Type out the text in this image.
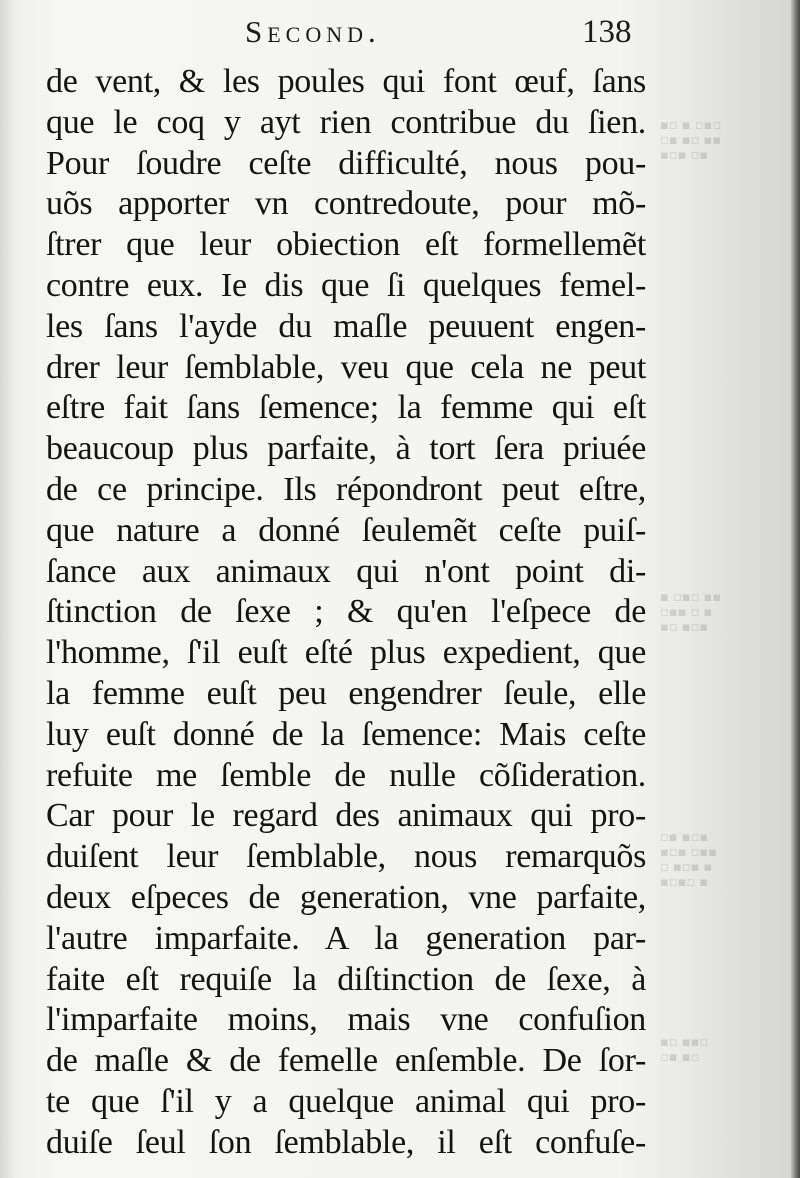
▪▫ ▪ ▫▪▫
▫▪ ▪▫ ▪▪
▪▫▪ ▫▪
▪ ▫▪▫ ▪▪
▫▪▪ ▫ ▪
▪▫ ▪▫▪
▫▪ ▪▫▪
▪▫▪ ▫▪▪
▫ ▪▫▪ ▪
▪▫▪▫ ▪
▪▫ ▪▪▫
▫▪ ▪▫
Second.	138
de vent, & les poules qui font œuf, ſans
que le coq y ayt rien contribue du ſien.
Pour ſoudre ceſte difficulté, nous pou-
uõs apporter vn contredoute, pour mõ-
ſtrer que leur obiection eſt formellemẽt
contre eux. Ie dis que ſi quelques femel-
les ſans l'ayde du maſle peuuent engen-
drer leur ſemblable, veu que cela ne peut
eſtre fait ſans ſemence; la femme qui eſt
beaucoup plus parfaite, à tort ſera priuée
de ce principe. Ils répondront peut eſtre,
que nature a donné ſeulemẽt ceſte puiſ-
ſance aux animaux qui n'ont point di-
ſtinction de ſexe ; & qu'en l'eſpece de
l'homme, ſ'il euſt eſté plus expedient, que
la femme euſt peu engendrer ſeule, elle
luy euſt donné de la ſemence: Mais ceſte
refuite me ſemble de nulle cõſideration.
Car pour le regard des animaux qui pro-
duiſent leur ſemblable, nous remarquõs
deux eſpeces de generation, vne parfaite,
l'autre imparfaite. A la generation par-
faite eſt requiſe la diſtinction de ſexe, à
l'imparfaite moins, mais vne confuſion
de maſle & de femelle enſemble. De ſor-
te que ſ'il y a quelque animal qui pro-
duiſe ſeul ſon ſemblable, il eſt confuſe-
